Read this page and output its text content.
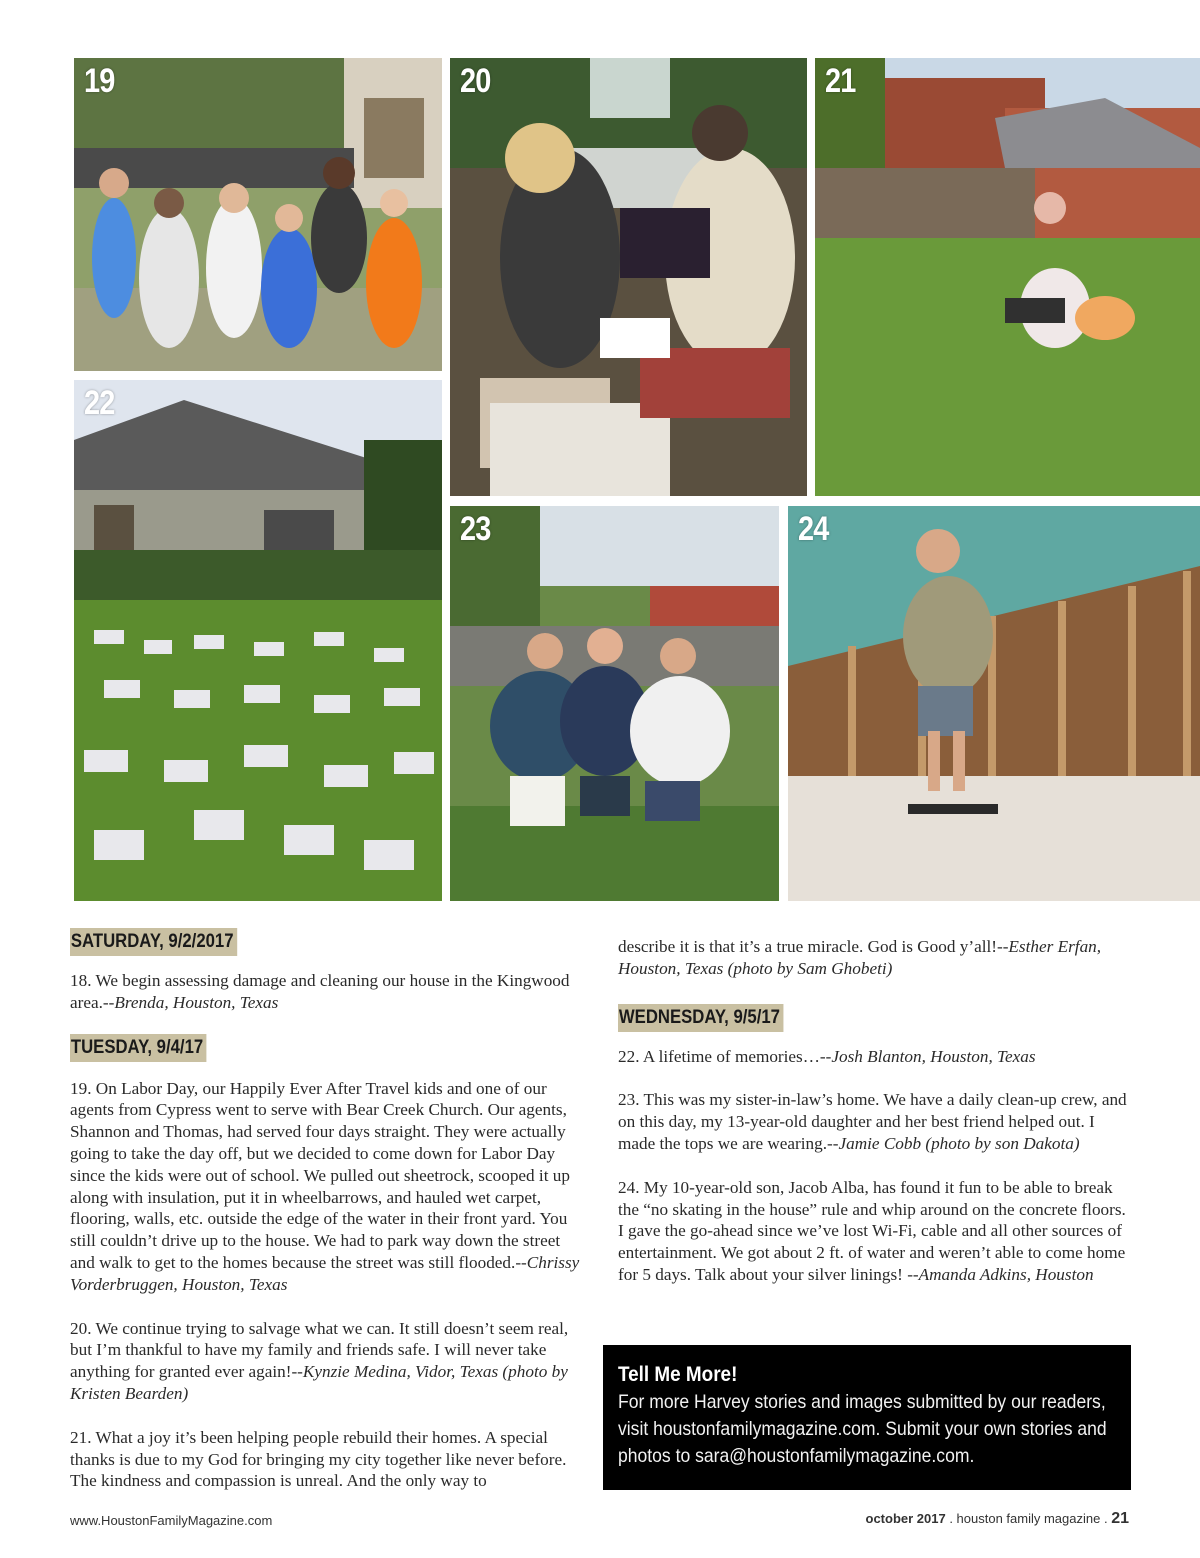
19	20	21
22
23	24
SATURDAY, 9/2/2017

18. We begin assessing damage and cleaning our house in the Kingwood area.--Brenda, Houston, Texas

TUESDAY, 9/4/17

19. On Labor Day, our Happily Ever After Travel kids and one of our agents from Cypress went to serve with Bear Creek Church. Our agents, Shannon and Thomas, had served four days straight. They were actually going to take the day off, but we decided to come down for Labor Day since the kids were out of school. We pulled out sheetrock, scooped it up along with insulation, put it in wheelbarrows, and hauled wet carpet, flooring, walls, etc. outside the edge of the water in their front yard. You still couldn’t drive up to the house. We had to park way down the street and walk to get to the homes because the street was still flooded.--Chrissy Vorderbruggen, Houston, Texas

20. We continue trying to salvage what we can. It still doesn’t seem real, but I’m thankful to have my family and friends safe. I will never take anything for granted ever again!--Kynzie Medina, Vidor, Texas (photo by Kristen Bearden)

21. What a joy it’s been helping people rebuild their homes. A special thanks is due to my God for bringing my city together like never before. The kindness and compassion is unreal. And the only way to

describe it is that it’s a true miracle. God is Good y’all!--Esther Erfan, Houston, Texas (photo by Sam Ghobeti)

WEDNESDAY, 9/5/17

22. A lifetime of memories…--Josh Blanton, Houston, Texas

23. This was my sister-in-law’s home. We have a daily clean-up crew, and on this day, my 13-year-old daughter and her best friend helped out. I made the tops we are wearing.--Jamie Cobb (photo by son Dakota)

24. My 10-year-old son, Jacob Alba, has found it fun to be able to break the “no skating in the house” rule and whip around on the concrete floors. I gave the go-ahead since we’ve lost Wi-Fi, cable and all other sources of entertainment. We got about 2 ft. of water and weren’t able to come home for 5 days. Talk about your silver linings! --Amanda Adkins, Houston

Tell Me More!
For more Harvey stories and images submitted by our readers, visit houstonfamilymagazine.com. Submit your own stories and photos to sara@houstonfamilymagazine.com.
www.HoustonFamilyMagazine.com	october 2017 . houston family magazine . 21
